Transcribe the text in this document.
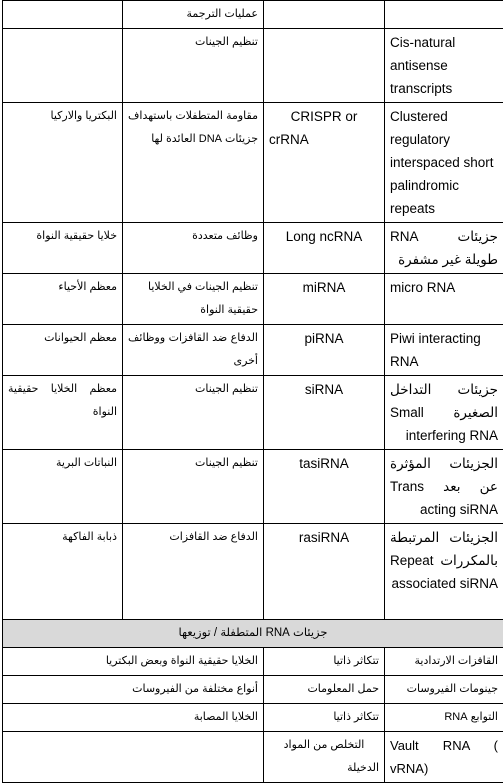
		عمليات الترجمة	
Cis-natural antisense transcripts		تنظيم الجينات	
Clustered regulatory interspaced short palindromic repeats	CRISPR or crRNA	مقاومة المتطفلات باستهداف جزيئات DNA العائدة لها	البكتريا والاركيا
جزيئات RNA طويلة غير مشفرة	Long ncRNA	وظائف متعددة	خلايا حقيقية النواة
micro RNA	miRNA	تنظيم الجينات في الخلايا حقيقية النواة	معظم الأحياء
Piwi interacting RNA	piRNA	الدفاع ضد القافزات ووظائف أخرى	معظم الحيوانات
جزيئات التداخل الصغيرة Small interfering RNA	siRNA	تنظيم الجينات	معظم الخلايا حقيقية النواة
الجزيئات المؤثرة عن بعد Trans acting siRNA	tasiRNA	تنظيم الجينات	النباتات البرية
الجزيئات المرتبطة بالمكررات Repeat associated siRNA	rasiRNA	الدفاع ضد القافزات	ذبابة الفاكهة
جزيئات RNA المتطفلة / توزيعها			
القافزات الارتدادية	تتكاثر ذاتيا	الخلايا حقيقية النواة وبعض البكتريا	
جينومات الفيروسات	حمل المعلومات	أنواع مختلفة من الفيروسات	
التوابع RNA	تتكاثر ذاتيا	الخلايا المصابة	
Vault RNA ( vRNA)	التخلص من المواد الدخيلة		
